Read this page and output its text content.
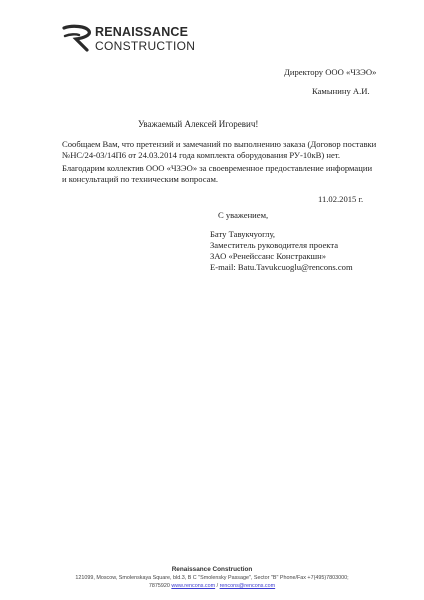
RENAISSANCE
CONSTRUCTION
Директору ООО «ЧЗЭО»
Камынину А.И.
Уважаемый Алексей Игоревич!
Сообщаем Вам, что претензий и замечаний по выполнению заказа (Договор поставки
№НС/24-03/14П6 от 24.03.2014 года комплекта оборудования РУ-10кВ) нет.
Благодарим коллектив ООО «ЧЗЭО» за своевременное предоставление информации
и консультаций по техническим вопросам.
11.02.2015 г.
С уважением,
Бату Тавукчуоглу,
Заместитель руководителя проекта
ЗАО «Ренейссанс Констракшн»
E-mail: Batu.Tavukcuoglu@rencons.com
Renaissance Construction
121099, Moscow, Smolenskaya Square, bld.3, B C "Smolensky Passage", Sector "B" Phone/Fax +7(495)7803000;
7875920 www.rencons.com / rencons@rencons.com
